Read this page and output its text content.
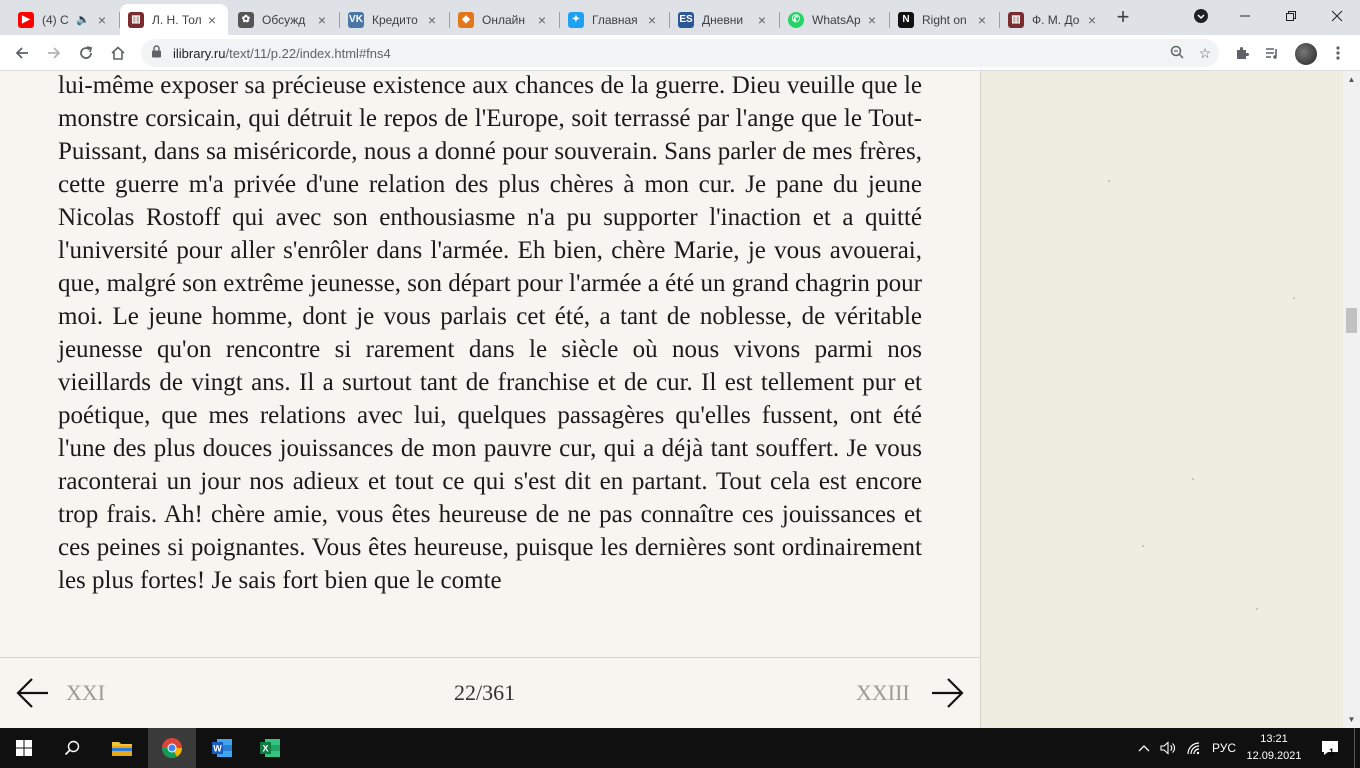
▶	(4) С 🔈 ×	▥ Л. Н. Тол ×	✿ Обсужд ×	VK Кредито ×	◆	Онлайн ×	✦ Главная ×	ES Дневни	×	✆ WhatsAp ×	N	Right on ×	▥ Ф. М. До × +
ilibrary.ru/text/11/p.22/index.html#fns4	☆

lui-même exposer sa précieuse existence aux chances de la guerre. Dieu veuille que le monstre corsicain, qui détruit le repos de l'Europe, soit terrassé par l'ange que le Tout-Puissant, dans sa miséricorde, nous a donné pour souverain. Sans parler de mes frères, cette guerre m'a privée d'une relation des plus chères à mon cur. Je pane du jeune Nicolas Rostoff qui avec son enthousiasme n'a pu supporter l'inaction et a quitté l'université pour aller s'enrôler dans l'armée. Eh bien, chère Marie, je vous avouerai, que, malgré son extrême jeunesse, son départ pour l'armée a été un grand chagrin pour moi. Le jeune homme, dont je vous parlais cet été, a tant de noblesse, de véritable jeunesse qu'on rencontre si rarement dans le siècle où nous vivons parmi nos vieillards de vingt ans. Il a surtout tant de franchise et de cur. Il est tellement pur et poétique, que mes relations avec lui, quelques passagères qu'elles fussent, ont été l'une des plus douces jouissances de mon pauvre cur, qui a déjà tant souffert. Je vous raconterai un jour nos adieux et tout ce qui s'est dit en partant. Tout cela est encore trop frais. Ah! chère amie, vous êtes heureuse de ne pas connaître ces jouissances et ces peines si poignantes. Vous êtes heureuse, puisque les dernières sont ordinairement les plus fortes! Je sais fort bien que le comte

XXI	22/361	XXIII
▲
▼
W	X	РУС
13:21
12.09.2021	1
